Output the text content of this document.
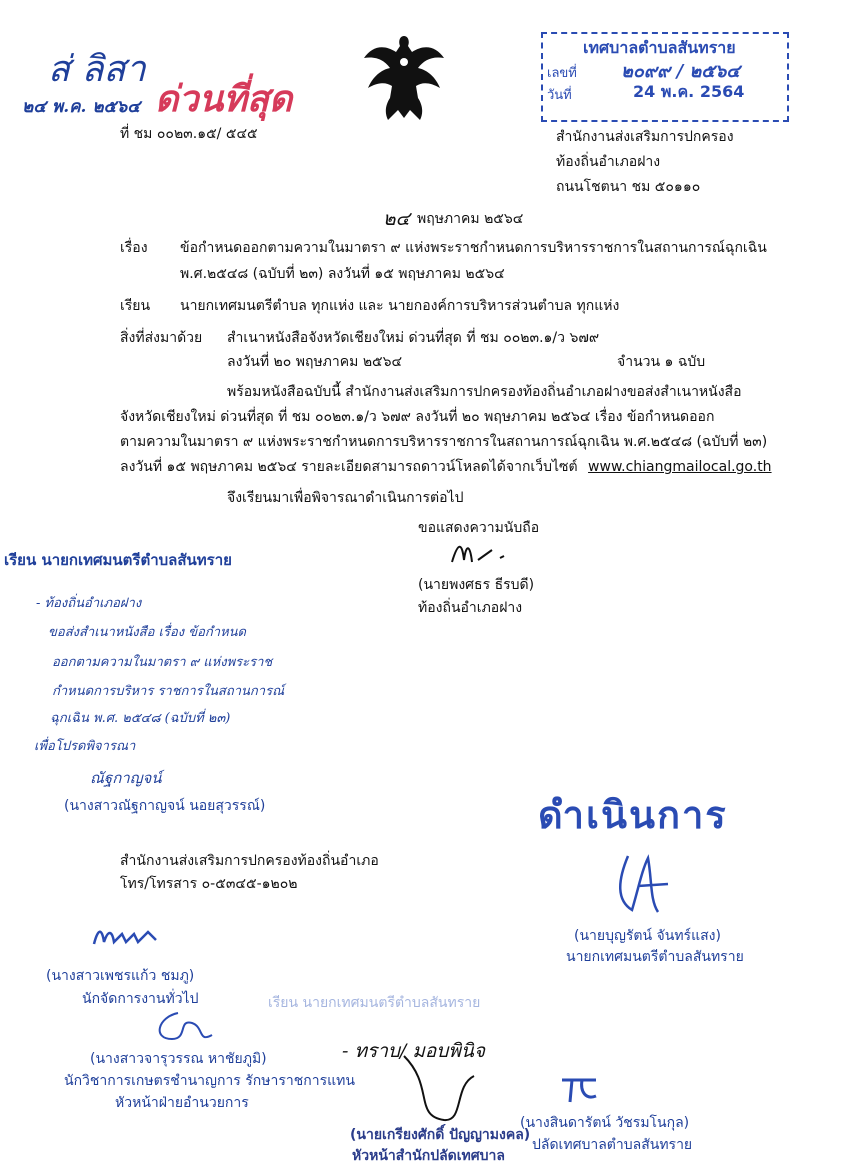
ส่ ลิสา
๒๔ พ.ค. ๒๕๖๔ ด่วนที่สุด
ที่ ชม ๐๐๒๓.๑๕/ ๕๔๕
เทศบาลตำบลสันทราย
เลขที่ ๒๐๙๙ / ๒๕๖๔
วันที่	24 พ.ค. 2564
สำนักงานส่งเสริมการปกครอง
ท้องถิ่นอำเภอฝาง
ถนนโชตนา ชม ๕๐๑๑๐
๒๔ พฤษภาคม ๒๕๖๔
เรื่อง ข้อกำหนดออกตามความในมาตรา ๙ แห่งพระราชกำหนดการบริหารราชการในสถานการณ์ฉุกเฉิน
พ.ศ.๒๕๔๘ (ฉบับที่ ๒๓) ลงวันที่ ๑๕ พฤษภาคม ๒๕๖๔
เรียน นายกเทศมนตรีตำบล ทุกแห่ง และ นายกองค์การบริหารส่วนตำบล ทุกแห่ง
สิ่งที่ส่งมาด้วย สำเนาหนังสือจังหวัดเชียงใหม่ ด่วนที่สุด ที่ ชม ๐๐๒๓.๑/ว ๖๗๙
ลงวันที่ ๒๐ พฤษภาคม ๒๕๖๔	จำนวน ๑ ฉบับ
พร้อมหนังสือฉบับนี้ สำนักงานส่งเสริมการปกครองท้องถิ่นอำเภอฝางขอส่งสำเนาหนังสือ
จังหวัดเชียงใหม่ ด่วนที่สุด ที่ ชม ๐๐๒๓.๑/ว ๖๗๙ ลงวันที่ ๒๐ พฤษภาคม ๒๕๖๔ เรื่อง ข้อกำหนดออก
ตามความในมาตรา ๙ แห่งพระราชกำหนดการบริหารราชการในสถานการณ์ฉุกเฉิน พ.ศ.๒๕๔๘ (ฉบับที่ ๒๓)
ลงวันที่ ๑๕ พฤษภาคม ๒๕๖๔ รายละเอียดสามารถดาวน์โหลดได้จากเว็บไซต์ www.chiangmailocal.go.th
จึงเรียนมาเพื่อพิจารณาดำเนินการต่อไป
ขอแสดงความนับถือ
(นายพงศธร ธีรบดี)
ท้องถิ่นอำเภอฝาง
เรียน นายกเทศมนตรีตำบลสันทราย
- ท้องถิ่นอำเภอฝาง
ขอส่งสำเนาหนังสือ เรื่อง ข้อกำหนด
ออกตามความในมาตรา ๙ แห่งพระราช
กำหนดการบริหาร ราชการในสถานการณ์
ฉุกเฉิน พ.ศ. ๒๕๔๘ (ฉบับที่ ๒๓)
เพื่อโปรดพิจารณา
ณัฐกาญจน์
(นางสาวณัฐกาญจน์ นอยสุวรรณ์)	ดำเนินการ
สำนักงานส่งเสริมการปกครองท้องถิ่นอำเภอ
โทร/โทรสาร ๐-๕๓๔๕-๑๒๐๒
(นายบุญรัตน์ จันทร์แสง)
นายกเทศมนตรีตำบลสันทราย
(นางสาวเพชรแก้ว ชมภู)
นักจัดการงานทั่วไป	เรียน นายกเทศมนตรีตำบลสันทราย
(นางสาวจารุวรรณ หาชัยภูมิ)
นักวิชาการเกษตรชำนาญการ รักษาราชการแทน
หัวหน้าฝ่ายอำนวยการ
- ทราบ/ มอบพินิจ
(นายเกรียงศักดิ์ ปัญญามงคล)
หัวหน้าสำนักปลัดเทศบาล
(นางสินดารัตน์ วัชรมโนกุล)
ปลัดเทศบาลตำบลสันทราย
